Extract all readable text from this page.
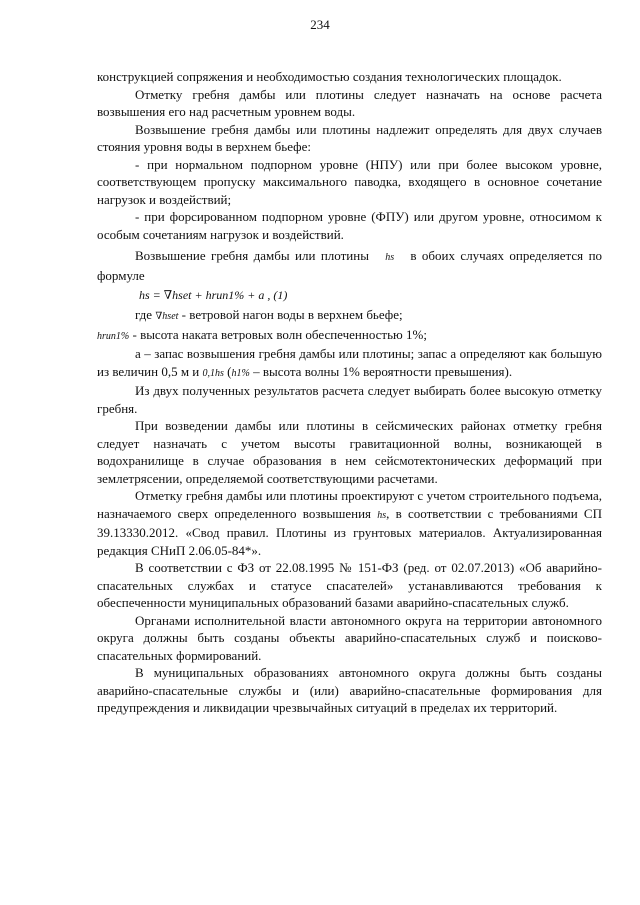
234

конструкцией сопряжения и необходимостью создания технологических площадок.

Отметку гребня дамбы или плотины следует назначать на основе расчета возвышения его над расчетным уровнем воды.

Возвышение гребня дамбы или плотины надлежит определять для двух случаев стояния уровня воды в верхнем бьефе:

- при нормальном подпорном уровне (НПУ) или при более высоком уровне, соответствующем пропуску максимального паводка, входящего в основное сочетание нагрузок и воздействий;

- при форсированном подпорном уровне (ФПУ) или другом уровне, относимом к особым сочетаниям нагрузок и воздействий.

Возвышение гребня дамбы или плотины hs в обоих случаях определяется по формуле

hs = ∇hset + hrun1% + a , (1)

где ∇hset - ветровой нагон воды в верхнем бьефе;

hrun1% - высота наката ветровых волн обеспеченностью 1%;

а – запас возвышения гребня дамбы или плотины; запас а определяют как большую из величин 0,5 м и 0,1hs (h1% – высота волны 1% вероятности превышения).

Из двух полученных результатов расчета следует выбирать более высокую отметку гребня.

При возведении дамбы или плотины в сейсмических районах отметку гребня следует назначать с учетом высоты гравитационной волны, возникающей в водохранилище в случае образования в нем сейсмотектонических деформаций при землетрясении, определяемой соответствующими расчетами.

Отметку гребня дамбы или плотины проектируют с учетом строительного подъема, назначаемого сверх определенного возвышения hs, в соответствии с требованиями СП 39.13330.2012. «Свод правил. Плотины из грунтовых материалов. Актуализированная редакция СНиП 2.06.05-84*».

В соответствии с ФЗ от 22.08.1995 № 151-ФЗ (ред. от 02.07.2013) «Об аварийно-спасательных службах и статусе спасателей» устанавливаются требования к обеспеченности муниципальных образований базами аварийно-спасательных служб.

Органами исполнительной власти автономного округа на территории автономного округа должны быть созданы объекты аварийно-спасательных служб и поисково-спасательных формирований.

В муниципальных образованиях автономного округа должны быть созданы аварийно-спасательные службы и (или) аварийно-спасательные формирования для предупреждения и ликвидации чрезвычайных ситуаций в пределах их территорий.
